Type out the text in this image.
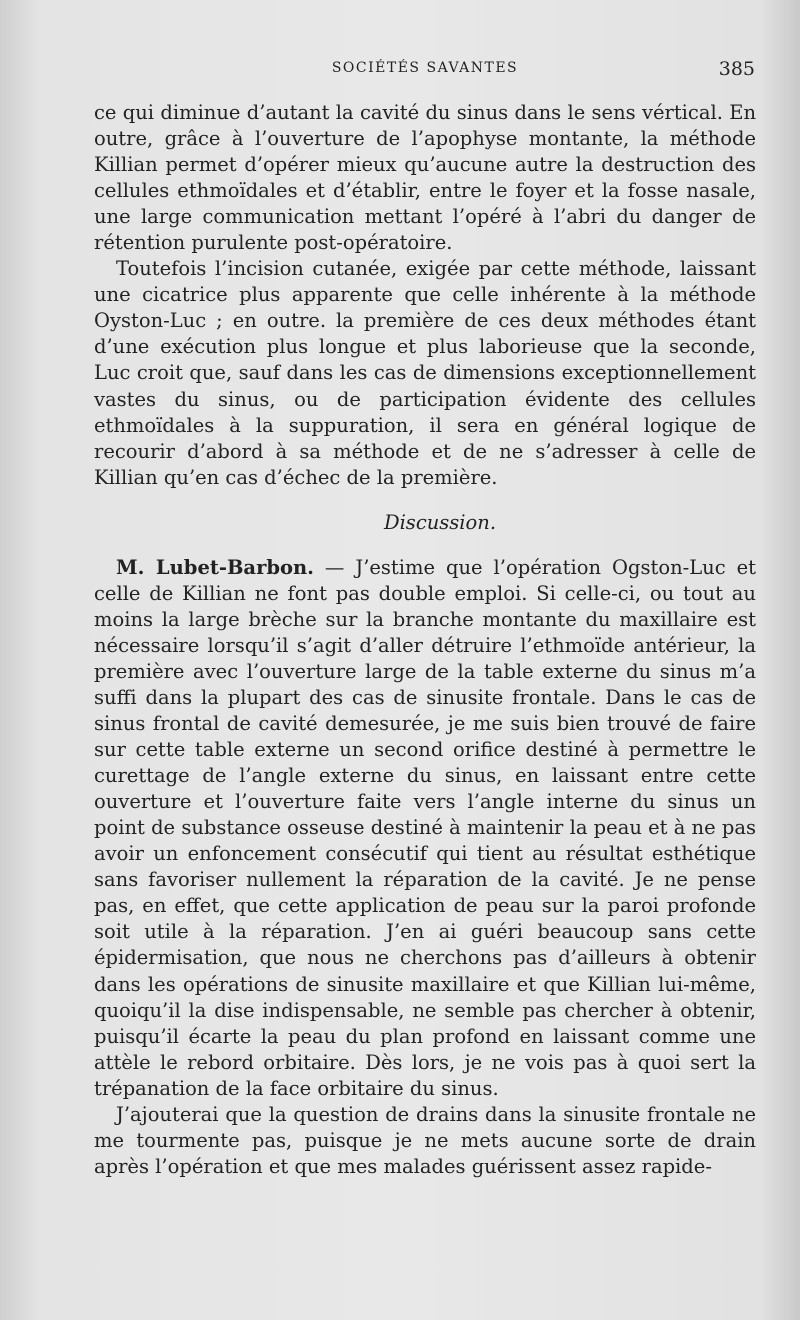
SOCIÉTÉS SAVANTES	385

ce qui diminue d’autant la cavité du sinus dans le sens vértical. En outre, grâce à l’ouverture de l’apophyse montante, la méthode Killian permet d’opérer mieux qu’aucune autre la destruction des cellules ethmoïdales et d’établir, entre le foyer et la fosse nasale, une large communication mettant l’opéré à l’abri du danger de rétention purulente post-opératoire.

Toutefois l’incision cutanée, exigée par cette méthode, laissant une cicatrice plus apparente que celle inhérente à la méthode Oyston-Luc ; en outre. la première de ces deux méthodes étant d’une exécution plus longue et plus laborieuse que la seconde, Luc croit que, sauf dans les cas de dimensions exceptionnellement vastes du sinus, ou de participation évidente des cellules ethmoïdales à la suppuration, il sera en général logique de recourir d’abord à sa méthode et de ne s’adresser à celle de Killian qu’en cas d’échec de la première.

Discussion.

M. Lubet-Barbon. — J’estime que l’opération Ogston-Luc et celle de Killian ne font pas double emploi. Si celle-ci, ou tout au moins la large brèche sur la branche montante du maxillaire est nécessaire lorsqu’il s’agit d’aller détruire l’ethmoïde antérieur, la première avec l’ouverture large de la table externe du sinus m’a suffi dans la plupart des cas de sinusite frontale. Dans le cas de sinus frontal de cavité demesurée, je me suis bien trouvé de faire sur cette table externe un second orifice destiné à permettre le curettage de l’angle externe du sinus, en laissant entre cette ouverture et l’ouverture faite vers l’angle interne du sinus un point de substance osseuse destiné à maintenir la peau et à ne pas avoir un enfoncement consécutif qui tient au résultat esthétique sans favoriser nullement la réparation de la cavité. Je ne pense pas, en effet, que cette application de peau sur la paroi profonde soit utile à la réparation. J’en ai guéri beaucoup sans cette épidermisation, que nous ne cherchons pas d’ailleurs à obtenir dans les opérations de sinusite maxillaire et que Killian lui-même, quoiqu’il la dise indispensable, ne semble pas chercher à obtenir, puisqu’il écarte la peau du plan profond en laissant comme une attèle le rebord orbitaire. Dès lors, je ne vois pas à quoi sert la trépanation de la face orbitaire du sinus.

J’ajouterai que la question de drains dans la sinusite frontale ne me tourmente pas, puisque je ne mets aucune sorte de drain après l’opération et que mes malades guérissent assez rapide-
